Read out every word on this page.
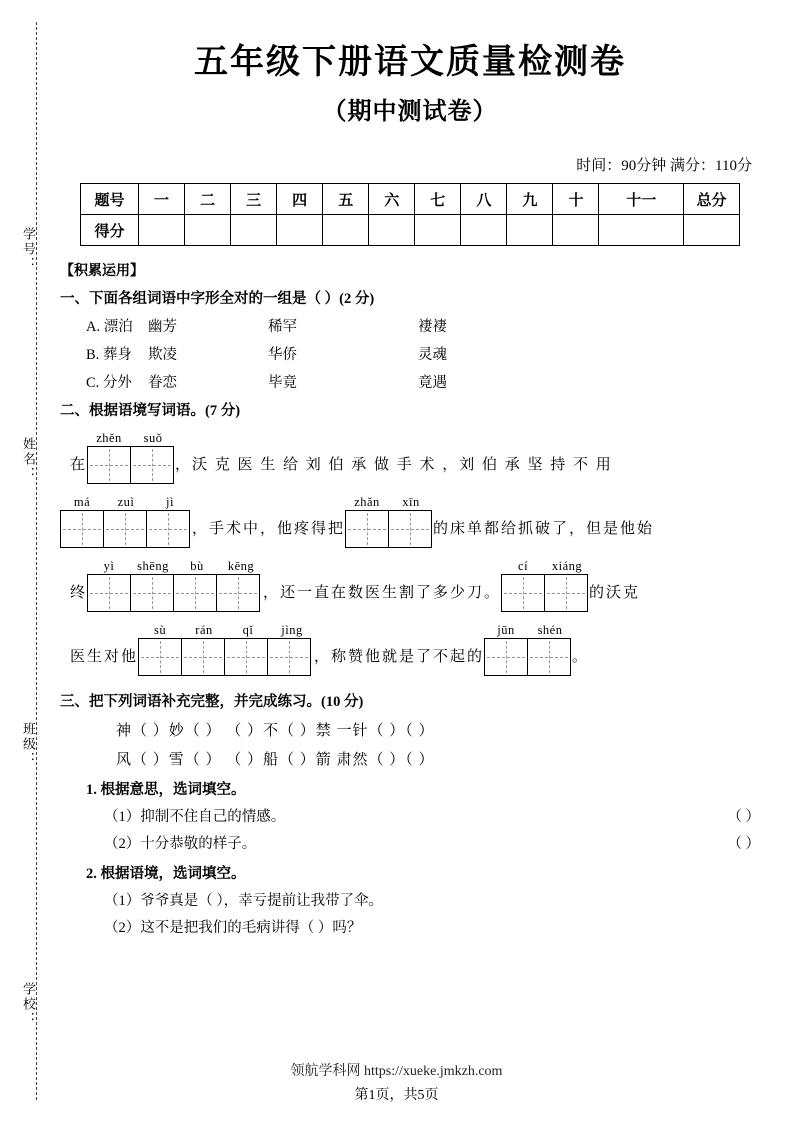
学号：
姓名：
班级：
学校：
五年级下册语文质量检测卷
（期中测试卷）
时间：90分钟 满分：110分
题号	一	二	三	四	五	六	七	八	九	十	十一	总分
得分												
【积累运用】
一、下面各组词语中字形全对的一组是（ ）(2 分)
A. 漂泊	幽芳	稀罕	褄褄
B. 葬身	欺凌	华侨	灵魂
C. 分外	眷恋	毕竟	竟遇
二、根据语境写词语。(7 分)
在
zhěn	suǒ
，沃 克 医 生 给 刘 伯 承 做 手 术 ，刘 伯 承 坚 持 不 用
má	zuì	jì
，手术中，他疼得把
zhǎn	xīn
的床单都给抓破了，但是他始
终
yì	shēng	bù	kēng
，还一直在数医生割了多少刀。
cí	xiáng
的沃克
医生对他
sù	rán	qǐ	jìng
，称赞他就是了不起的
jūn	shén
。
三、把下列词语补充完整，并完成练习。(10 分)
神（ ）妙（ ） （ ）不（ ）禁 一针（ ）（ ）
风（ ）雪（ ） （ ）船（ ）箭 肃然（ ）（ ）
1. 根据意思，选词填空。
（1）抑制不住自己的情感。	（ ）
（2）十分恭敬的样子。	（ ）
2. 根据语境，选词填空。
（1）爷爷真是（ ），幸亏提前让我带了伞。
（2）这不是把我们的毛病讲得（ ）吗？
领航学科网 https://xueke.jmkzh.com
第1页，共5页
